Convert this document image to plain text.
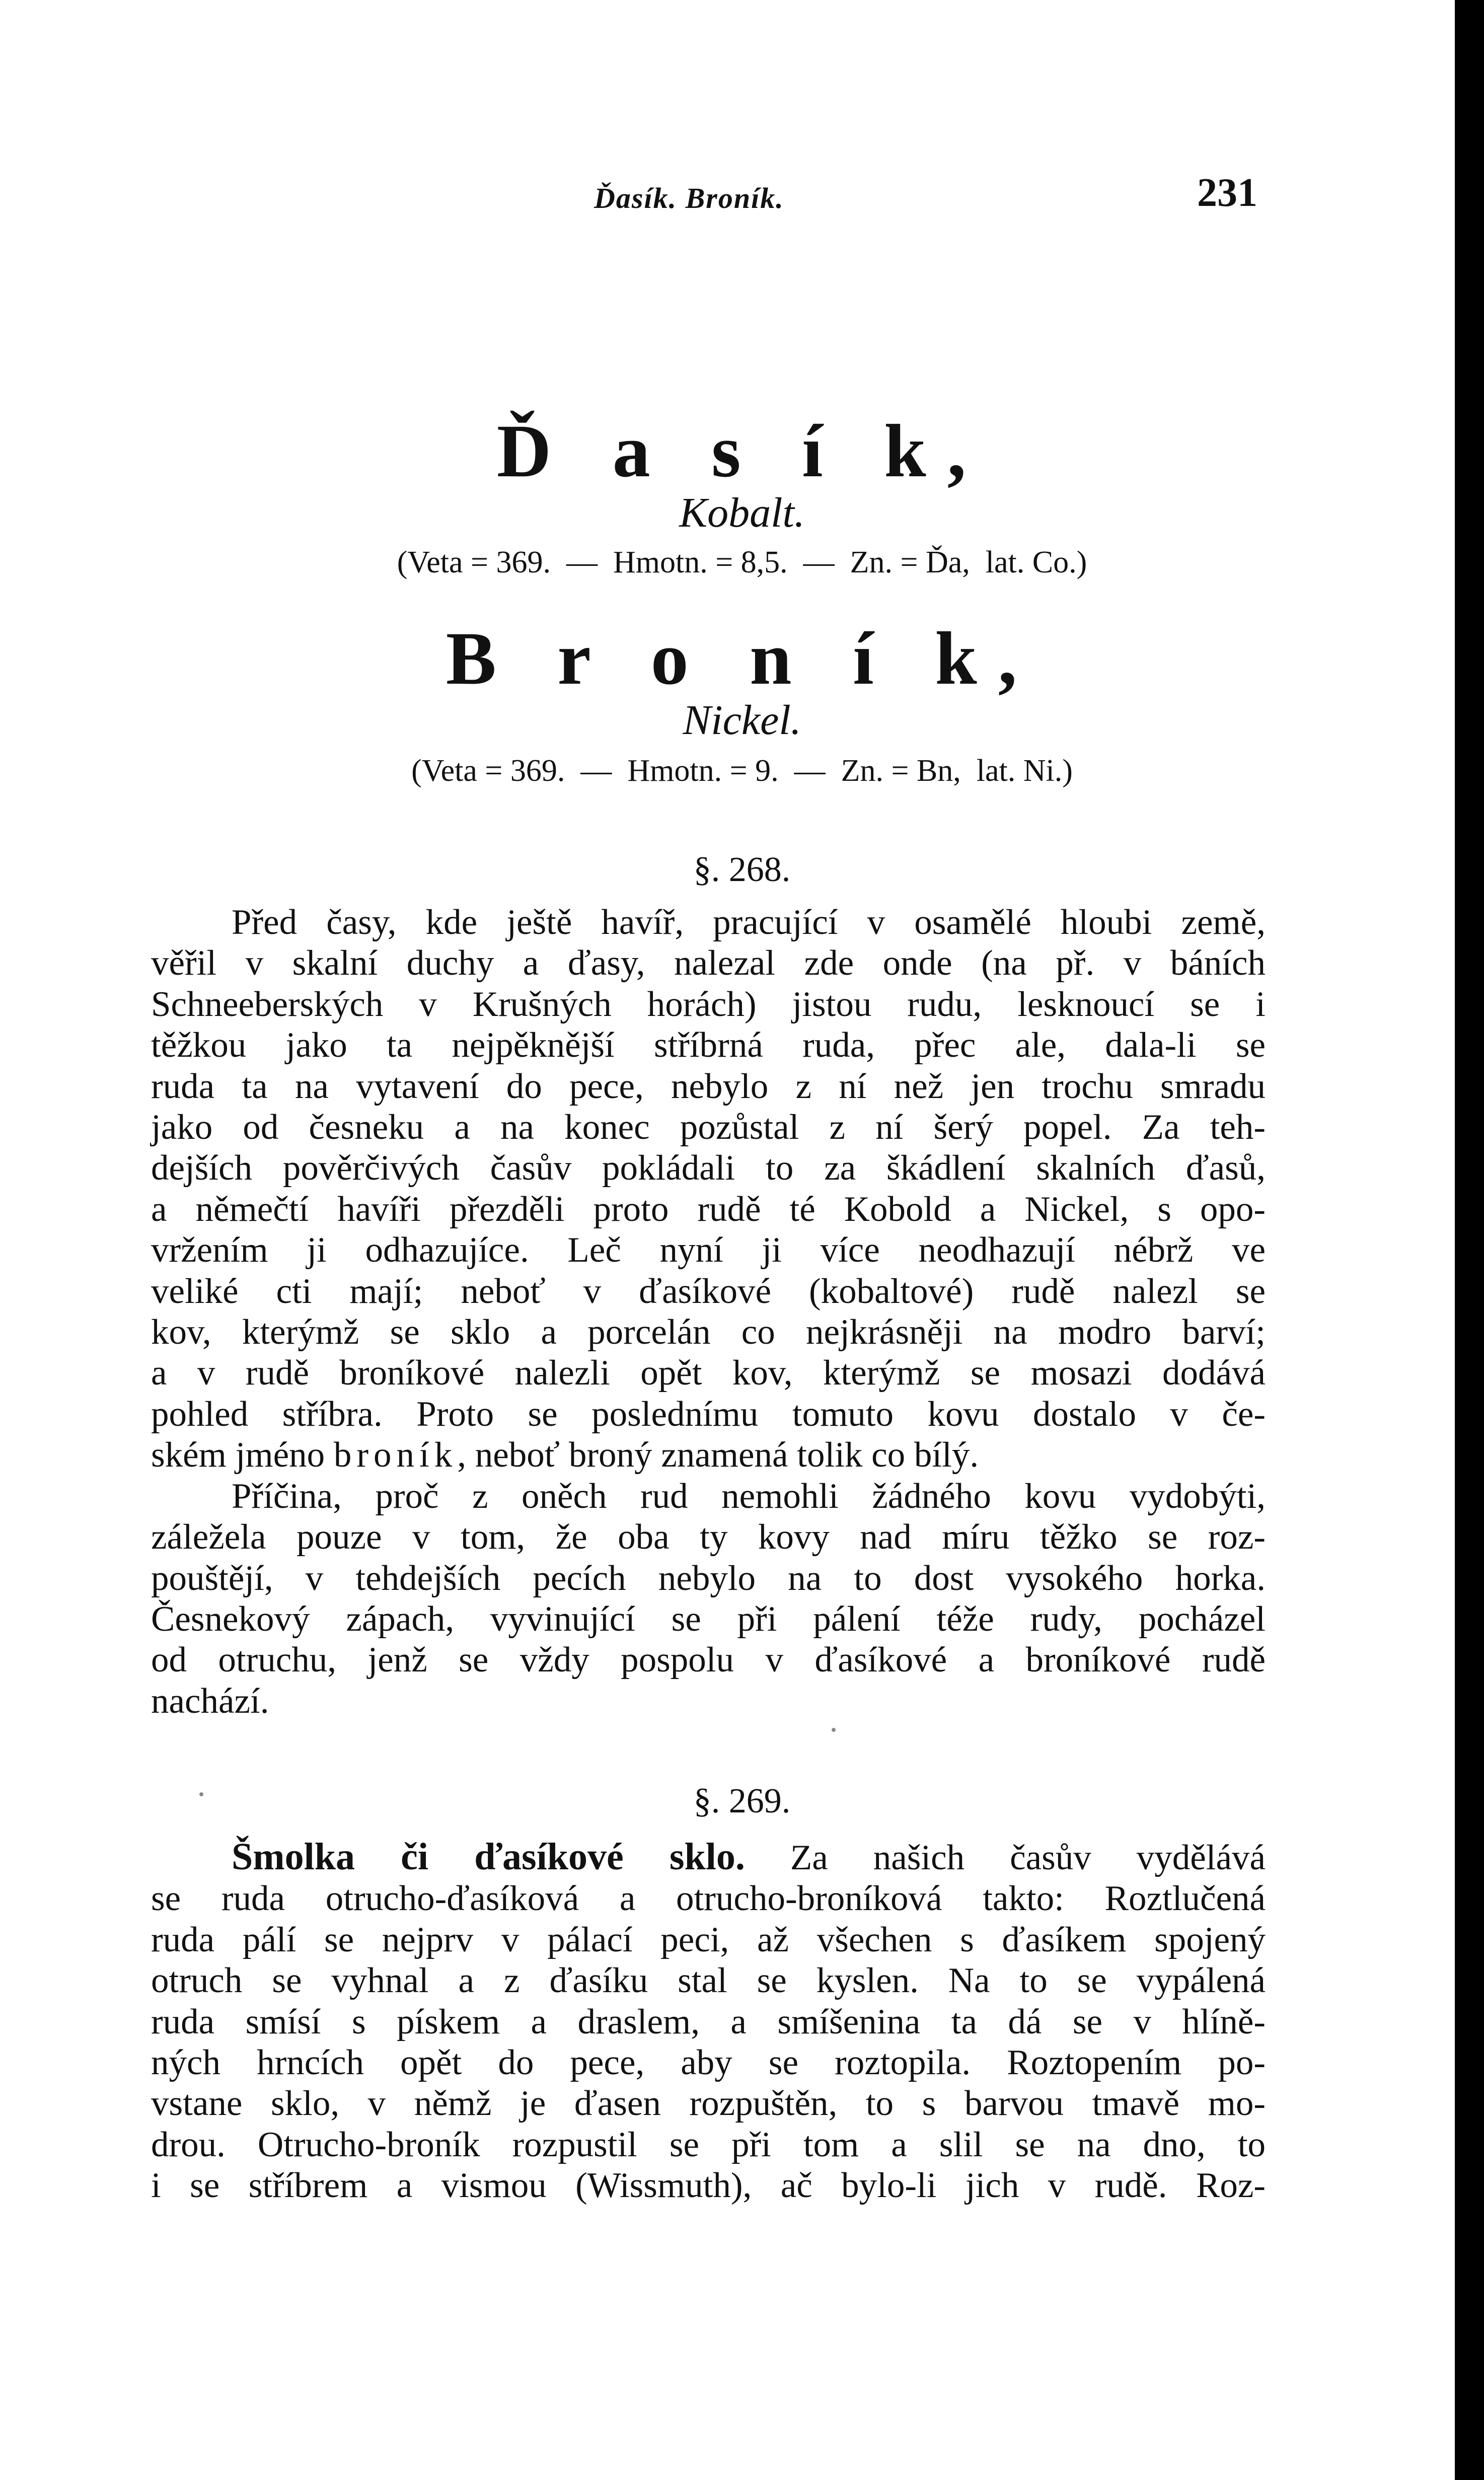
Ďasík. Broník.	231
Ď a s í k,
Kobalt.
(Veta = 369.  —  Hmotn. = 8,5.  —  Zn. = Ďa,  lat. Co.)
B r o n í k,
Nickel.
(Veta = 369.  —  Hmotn. = 9.  —  Zn. = Bn,  lat. Ni.)
§. 268.
Před časy, kde ještě havíř, pracující v osamělé hloubi země,
věřil v skalní duchy a ďasy, nalezal zde onde (na př. v báních
Schneeberských v Krušných horách) jistou rudu, lesknoucí se i
těžkou jako ta nejpěknější stříbrná ruda, přec ale, dala-li se
ruda ta na vytavení do pece, nebylo z ní než jen trochu smradu
jako od česneku a na konec pozůstal z ní šerý popel. Za teh-
dejších pověrčivých časův pokládali to za škádlení skalních ďasů,
a němečtí havíři přezděli proto rudě té Kobold a Nickel, s opo-
vržením ji odhazujíce. Leč nyní ji více neodhazují nébrž ve
veliké cti mají; neboť v ďasíkové (kobaltové) rudě nalezl se
kov, kterýmž se sklo a porcelán co nejkrásněji na modro barví;
a v rudě broníkové nalezli opět kov, kterýmž se mosazi dodává
pohled stříbra. Proto se poslednímu tomuto kovu dostalo v če-
ském jméno broník, neboť broný znamená tolik co bílý.
Příčina, proč z oněch rud nemohli žádného kovu vydobýti,
záležela pouze v tom, že oba ty kovy nad míru těžko se roz-
pouštějí, v tehdejších pecích nebylo na to dost vysokého horka.
Česnekový zápach, vyvinující se při pálení téže rudy, pocházel
od otruchu, jenž se vždy pospolu v ďasíkové a broníkové rudě
nachází.
§. 269.
Šmolka či ďasíkové sklo. Za našich časův vydělává
se ruda otrucho-ďasíková a otrucho-broníková takto: Roztlučená
ruda pálí se nejprv v pálací peci, až všechen s ďasíkem spojený
otruch se vyhnal a z ďasíku stal se kyslen. Na to se vypálená
ruda smísí s pískem a draslem, a smíšenina ta dá se v hlíně-
ných hrncích opět do pece, aby se roztopila. Roztopením po-
vstane sklo, v němž je ďasen rozpuštěn, to s barvou tmavě mo-
drou. Otrucho-broník rozpustil se při tom a slil se na dno, to
i se stříbrem a vismou (Wissmuth), ač bylo-li jich v rudě. Roz-
